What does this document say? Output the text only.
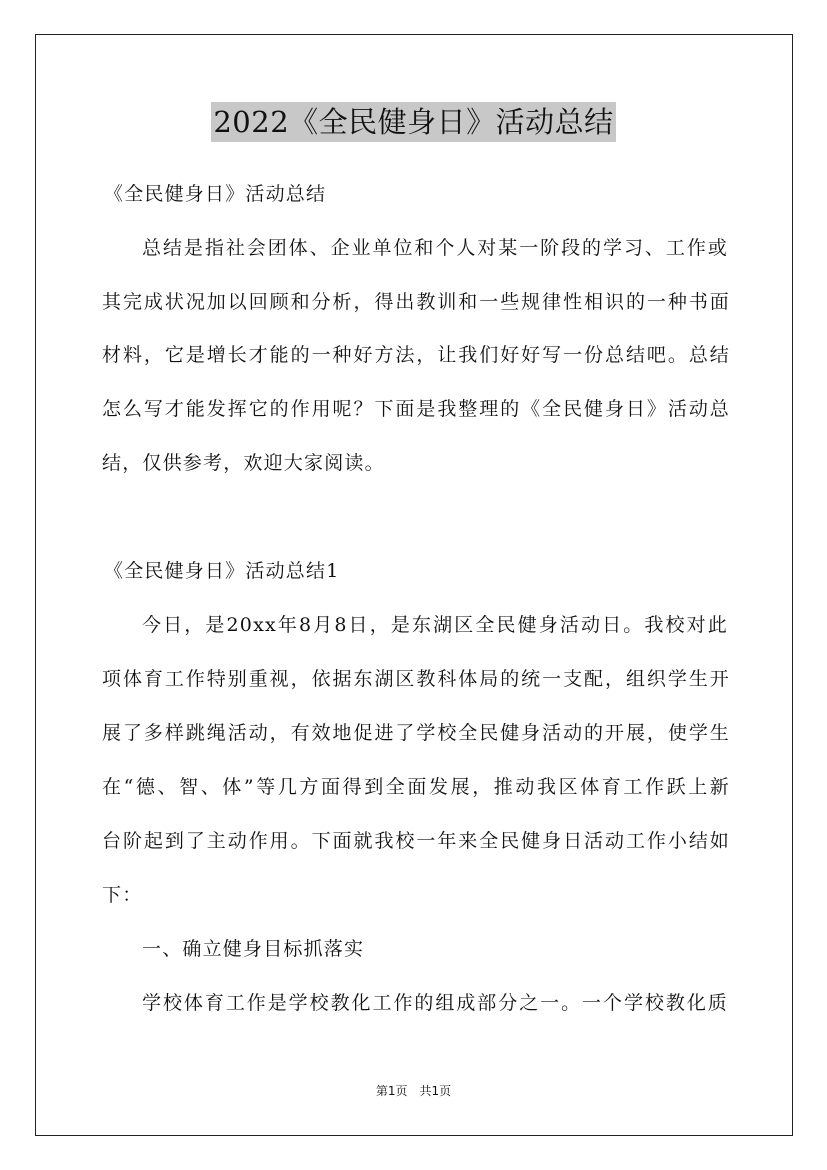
2022《全民健身日》活动总结
《全民健身日》活动总结
总结是指社会团体、企业单位和个人对某一阶段的学习、工作或
其完成状况加以回顾和分析，得出教训和一些规律性相识的一种书面
材料，它是增长才能的一种好方法，让我们好好写一份总结吧。总结
怎么写才能发挥它的作用呢？下面是我整理的《全民健身日》活动总
结，仅供参考，欢迎大家阅读。
《全民健身日》活动总结1
今日，是20xx年8月8日，是东湖区全民健身活动日。我校对此
项体育工作特别重视，依据东湖区教科体局的统一支配，组织学生开
展了多样跳绳活动，有效地促进了学校全民健身活动的开展，使学生
在“德、智、体”等几方面得到全面发展，推动我区体育工作跃上新
台阶起到了主动作用。下面就我校一年来全民健身日活动工作小结如
下：
一、确立健身目标抓落实
学校体育工作是学校教化工作的组成部分之一。一个学校教化质
第1页　共1页
